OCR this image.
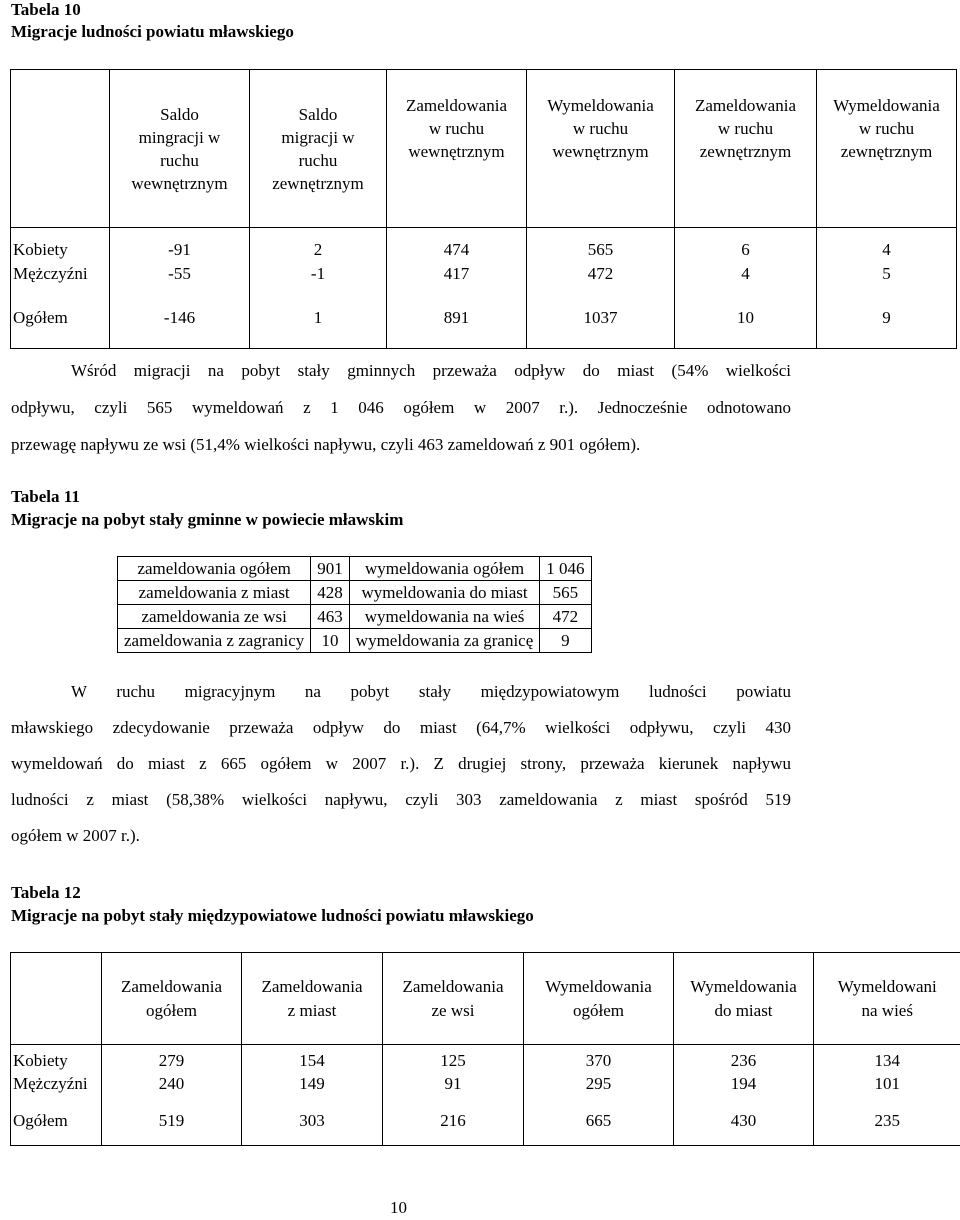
Tabela 10
Migracje ludności powiatu mławskiego
	Saldo
mingracji w
ruchu
wewnętrznym	Saldo
migracji w
ruchu
zewnętrznym	Zameldowania
w ruchu
wewnętrznym	Wymeldowania
w ruchu
wewnętrznym	Zameldowania
w ruchu
zewnętrznym	Wymeldowania
w ruchu
zewnętrznym
Kobiety	-91	2	474	565	6	4
Mężczyźni	-55	-1	417	472	4	5
Ogółem	-146	1	891	1037	10	9
Wśród migracji na pobyt stały gminnych przeważa odpływ do miast (54% wielkości
odpływu, czyli 565 wymeldowań z 1 046 ogółem w 2007 r.). Jednocześnie odnotowano
przewagę napływu ze wsi (51,4% wielkości napływu, czyli 463 zameldowań z 901 ogółem).
Tabela 11
Migracje na pobyt stały gminne w powiecie mławskim
zameldowania ogółem	901	wymeldowania ogółem	1 046
zameldowania z miast	428	wymeldowania do miast	565
zameldowania ze wsi	463	wymeldowania na wieś	472
zameldowania z zagranicy	10	wymeldowania za granicę	9
W ruchu migracyjnym na pobyt stały międzypowiatowym ludności powiatu
mławskiego zdecydowanie przeważa odpływ do miast (64,7% wielkości odpływu, czyli 430
wymeldowań do miast z 665 ogółem w 2007 r.). Z drugiej strony, przeważa kierunek napływu
ludności z miast (58,38% wielkości napływu, czyli 303 zameldowania z miast spośród 519
ogółem w 2007 r.).
Tabela 12
Migracje na pobyt stały międzypowiatowe ludności powiatu mławskiego
	Zameldowania
ogółem	Zameldowania
z miast	Zameldowania
ze wsi	Wymeldowania
ogółem	Wymeldowania
do miast	Wymeldowani
na wieś
Kobiety	279	154	125	370	236	134
Mężczyźni	240	149	91	295	194	101
Ogółem	519	303	216	665	430	235
10
